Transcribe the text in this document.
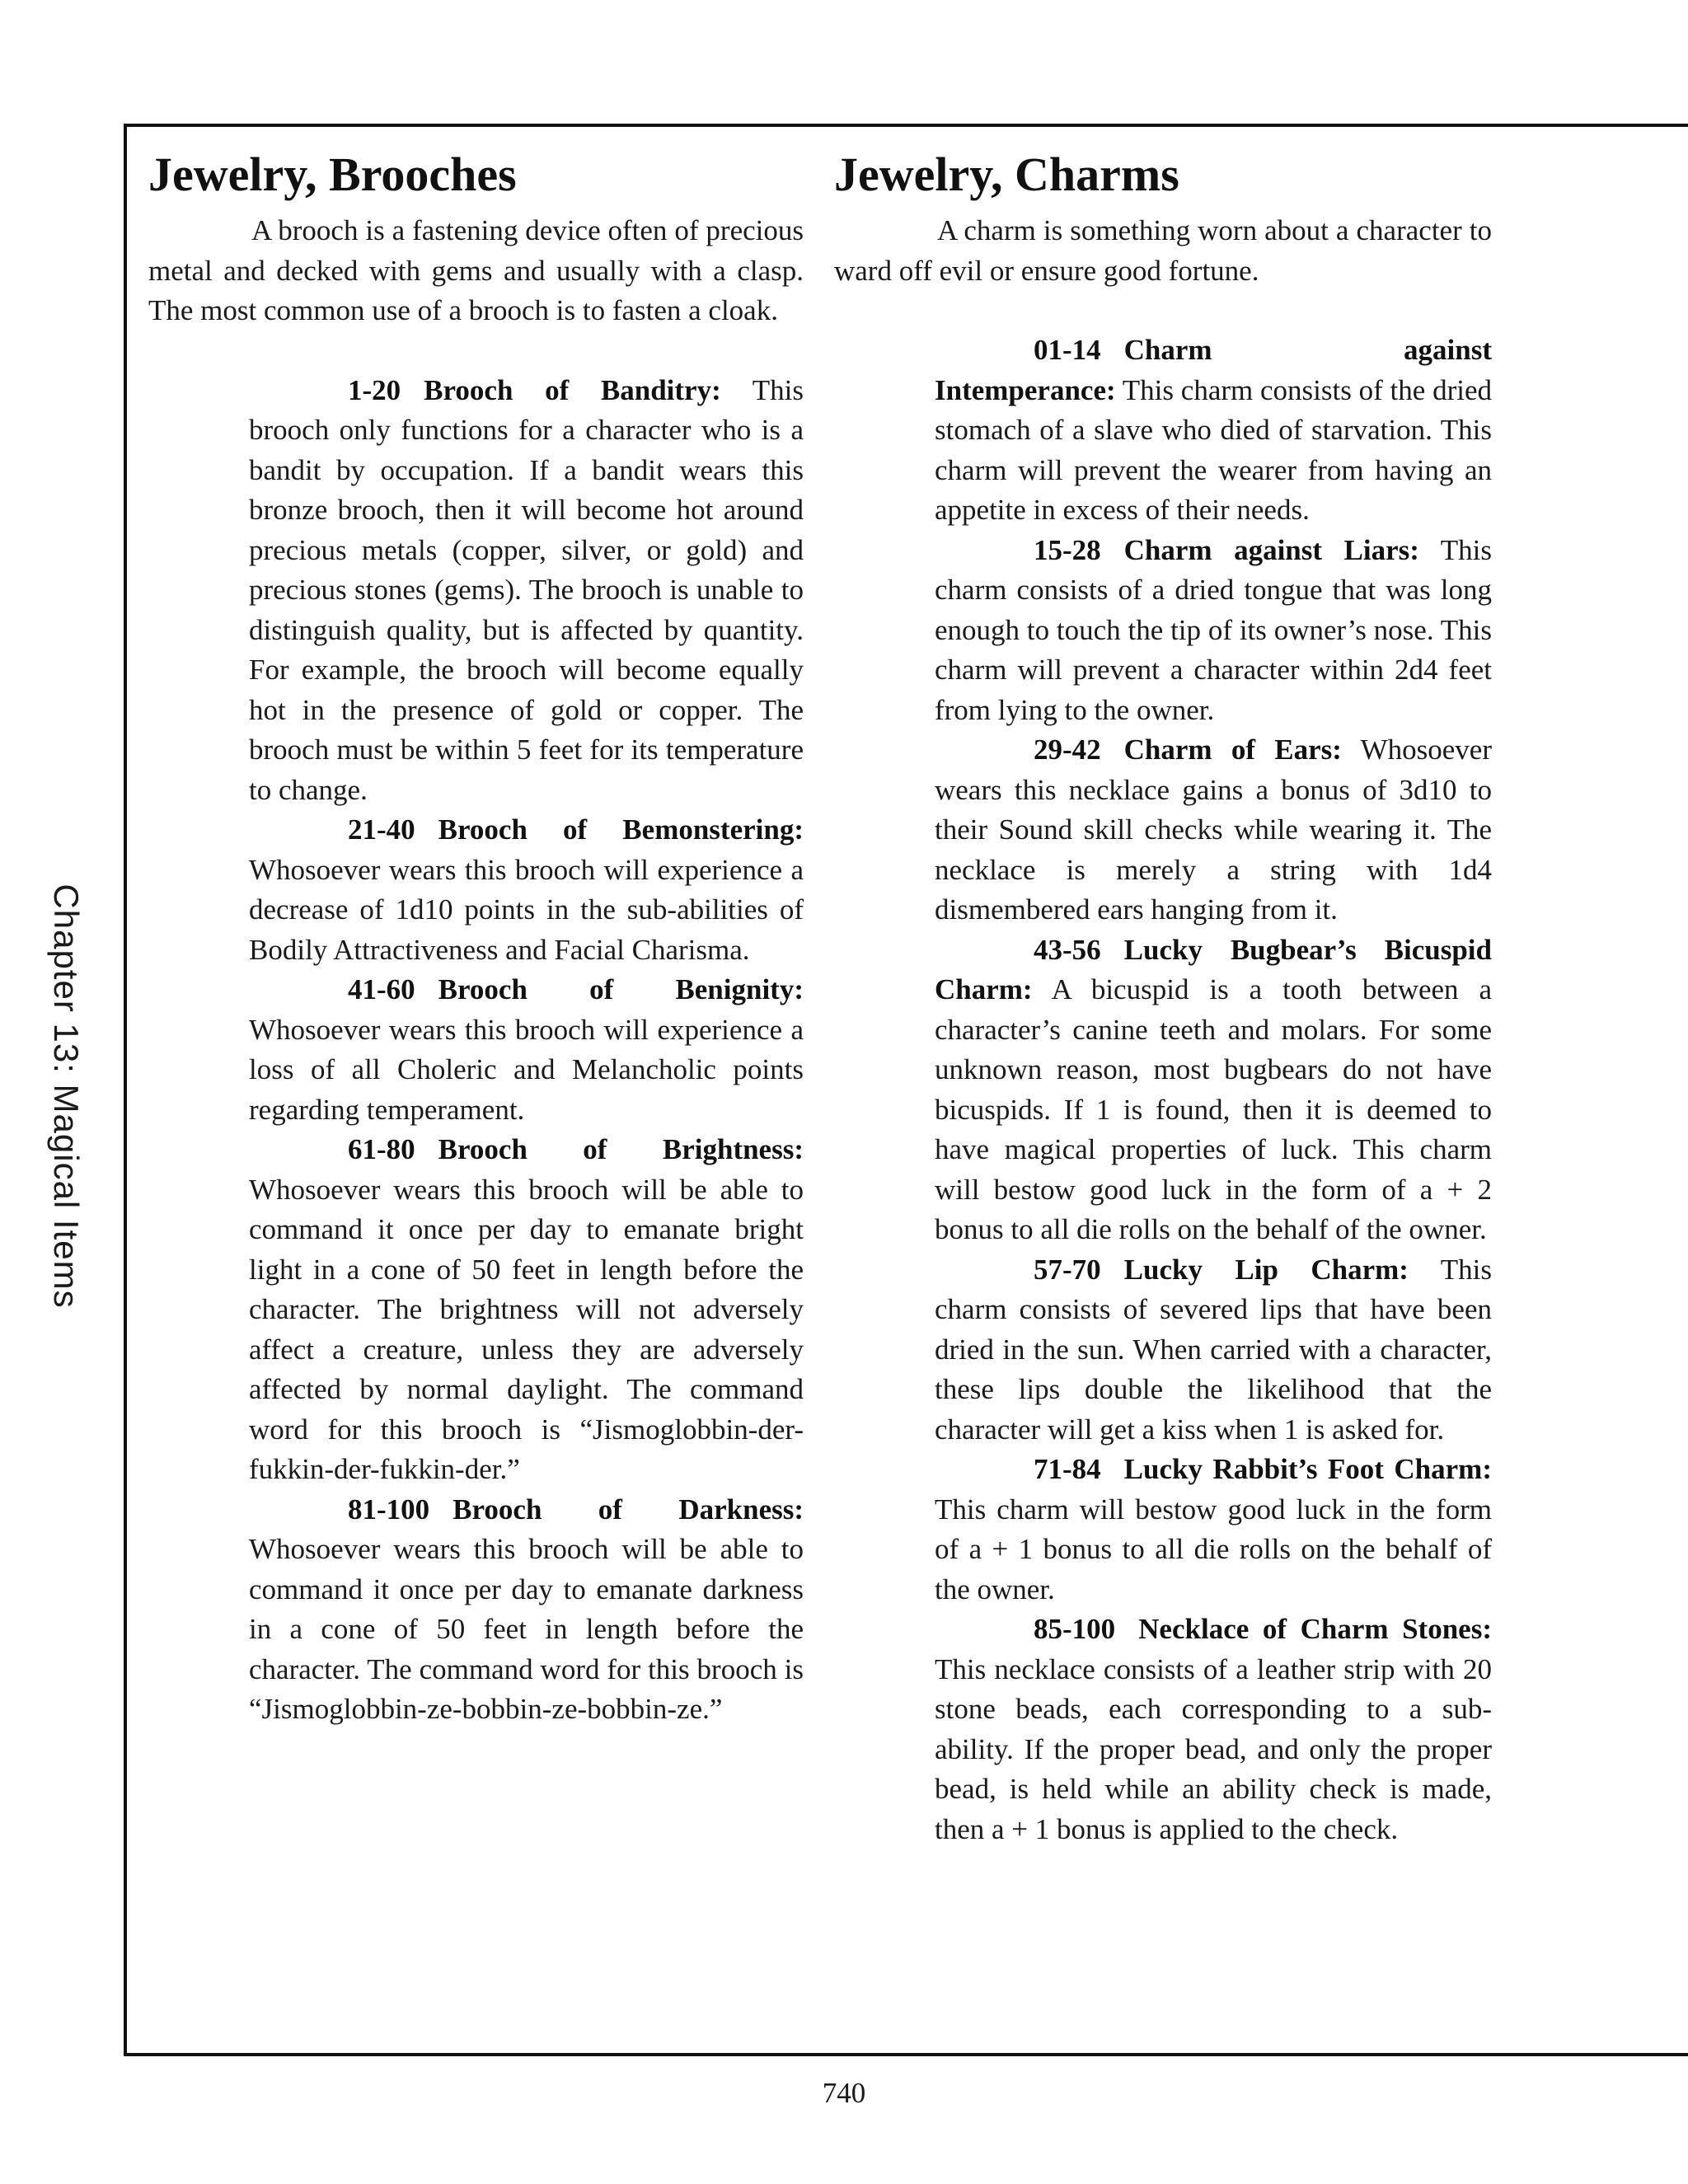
Chapter 13: Magical Items
Jewelry, Brooches

A brooch is a fastening device often of precious metal and decked with gems and usually with a clasp. The most common use of a brooch is to fasten a cloak.

1-20 Brooch of Banditry: This brooch only functions for a character who is a bandit by occupation. If a bandit wears this bronze brooch, then it will become hot around precious metals (copper, silver, or gold) and precious stones (gems). The brooch is unable to distinguish quality, but is affected by quantity. For example, the brooch will become equally hot in the presence of gold or copper. The brooch must be within 5 feet for its temperature to change.

21-40 Brooch of Bemonstering: Whosoever wears this brooch will experience a decrease of 1d10 points in the sub-abilities of Bodily Attractiveness and Facial Charisma.

41-60 Brooch of Benignity: Whosoever wears this brooch will experience a loss of all Choleric and Melancholic points regarding temperament.

61-80 Brooch of Brightness: Whosoever wears this brooch will be able to command it once per day to emanate bright light in a cone of 50 feet in length before the character. The brightness will not adversely affect a creature, unless they are adversely affected by normal daylight. The command word for this brooch is “Jismoglobbin-der-fukkin-der-fukkin-der.”

81-100 Brooch of Darkness: Whosoever wears this brooch will be able to command it once per day to emanate darkness in a cone of 50 feet in length before the character. The command word for this brooch is “Jismoglobbin-ze-bobbin-ze-bobbin-ze.”

Jewelry, Charms

A charm is something worn about a character to ward off evil or ensure good fortune.

01-14 Charm against Intemperance: This charm consists of the dried stomach of a slave who died of starvation. This charm will prevent the wearer from having an appetite in excess of their needs.

15-28 Charm against Liars: This charm consists of a dried tongue that was long enough to touch the tip of its owner’s nose. This charm will prevent a character within 2d4 feet from lying to the owner.

29-42 Charm of Ears: Whosoever wears this necklace gains a bonus of 3d10 to their Sound skill checks while wearing it. The necklace is merely a string with 1d4 dismembered ears hanging from it.

43-56 Lucky Bugbear’s Bicuspid Charm: A bicuspid is a tooth between a character’s canine teeth and molars. For some unknown reason, most bugbears do not have bicuspids. If 1 is found, then it is deemed to have magical properties of luck. This charm will bestow good luck in the form of a + 2 bonus to all die rolls on the behalf of the owner.

57-70 Lucky Lip Charm: This charm consists of severed lips that have been dried in the sun. When carried with a character, these lips double the likelihood that the character will get a kiss when 1 is asked for.

71-84 Lucky Rabbit’s Foot Charm: This charm will bestow good luck in the form of a + 1 bonus to all die rolls on the behalf of the owner.

85-100 Necklace of Charm Stones: This necklace consists of a leather strip with 20 stone beads, each corresponding to a sub-ability. If the proper bead, and only the proper bead, is held while an ability check is made, then a + 1 bonus is applied to the check.

740
